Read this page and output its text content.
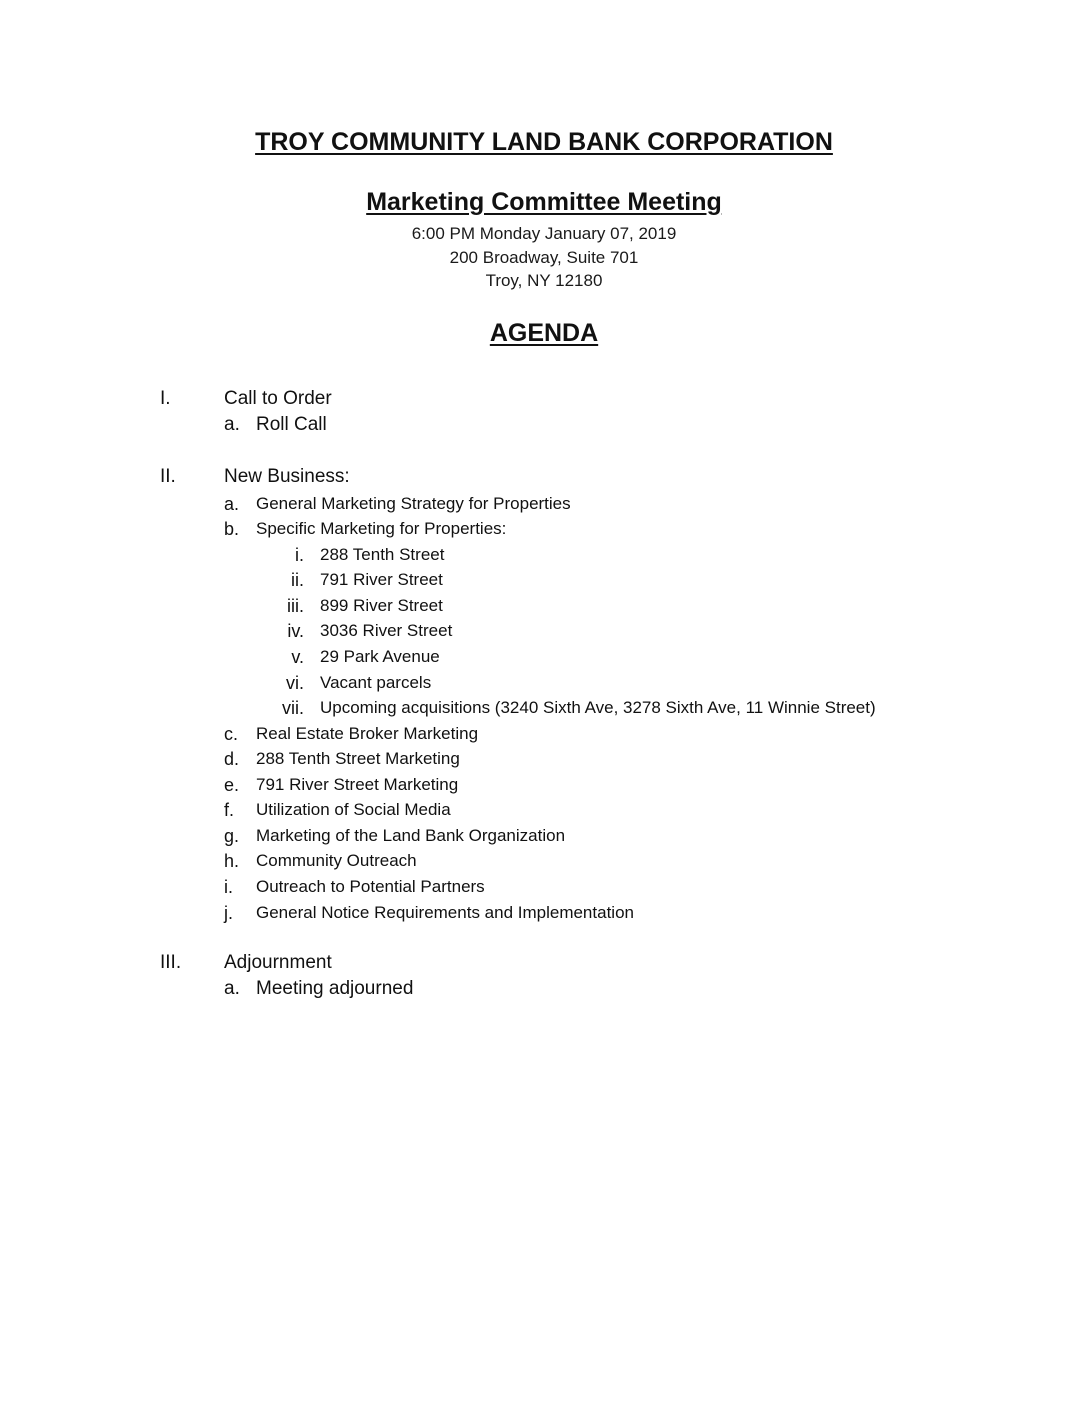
TROY COMMUNITY LAND BANK CORPORATION
Marketing Committee Meeting
6:00 PM Monday January 07, 2019
200 Broadway, Suite 701
Troy, NY 12180
AGENDA
I.	Call to Order
a. Roll Call
II.	New Business:
a. General Marketing Strategy for Properties
b. Specific Marketing for Properties:
i. 288 Tenth Street
ii. 791 River Street
iii. 899 River Street
iv. 3036 River Street
v. 29 Park Avenue
vi. Vacant parcels
vii. Upcoming acquisitions (3240 Sixth Ave, 3278 Sixth Ave, 11 Winnie Street)
c. Real Estate Broker Marketing
d. 288 Tenth Street Marketing
e. 791 River Street Marketing
f. Utilization of Social Media
g. Marketing of the Land Bank Organization
h. Community Outreach
i. Outreach to Potential Partners
j. General Notice Requirements and Implementation
III. Adjournment
a. Meeting adjourned
